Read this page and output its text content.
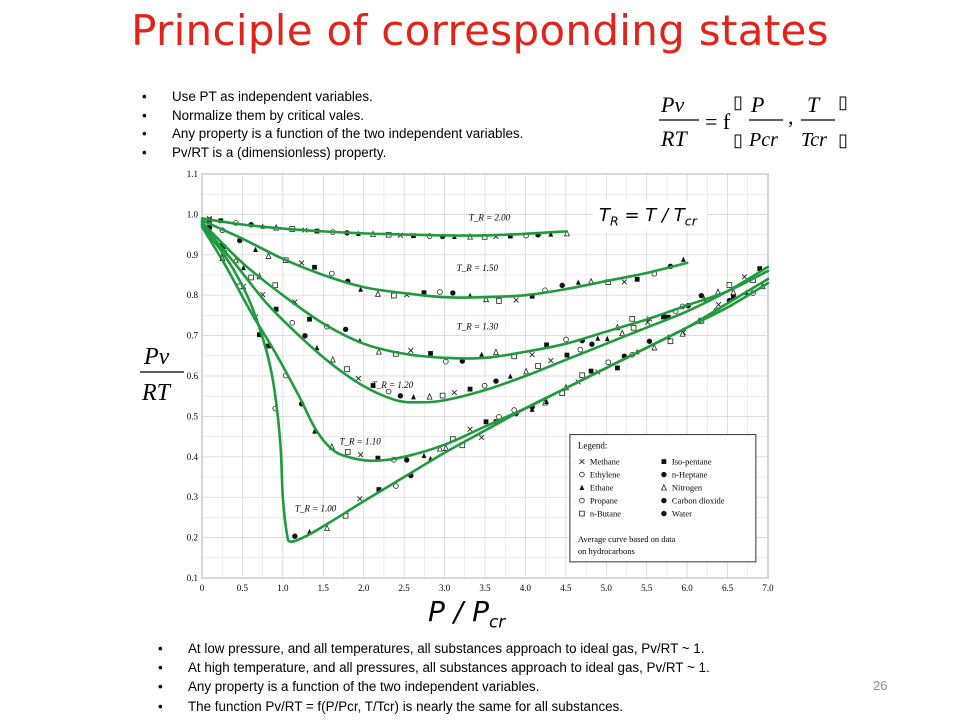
Principle of corresponding states
• Use PT as independent variables.
• Normalize them by critical vales.
• Any property is a function of the two independent variables.
• Pv/RT is a (dimensionless) property.
Pv
RT
= f
▯
▯
P
Pcr
, T
Tcr
▯
▯
Pv
RT
0	0.5	1.0	1.5	2.0	2.5	3.0	3.5	4.0	4.5	5.0	5.5	6.0	6.5	7.0
0.1
0.2
0.3
0.4
0.5
0.6
0.7
0.8
0.9
1.0
1.1
T_R = 2.00
T_R = 1.50
T_R = 1.30
T_R = 1.20
T_R = 1.10
T_R = 1.00
Legend:
Methane	Iso-pentane
Ethylene	n-Heptane
Ethane	Nitrogen
Propane	Carbon dioxide
n-Butane	Water
Average curve based on data
on hydrocarbons
$T_R = T / T_{cr}$
P / $P_{cr}$
• At low pressure, and all temperatures, all substances approach to ideal gas, Pv/RT ~ 1.
• At high temperature, and all pressures, all substances approach to ideal gas, Pv/RT ~ 1.
• Any property is a function of the two independent variables.
• The function Pv/RT = f(P/Pcr, T/Tcr) is nearly the same for all substances.
26
